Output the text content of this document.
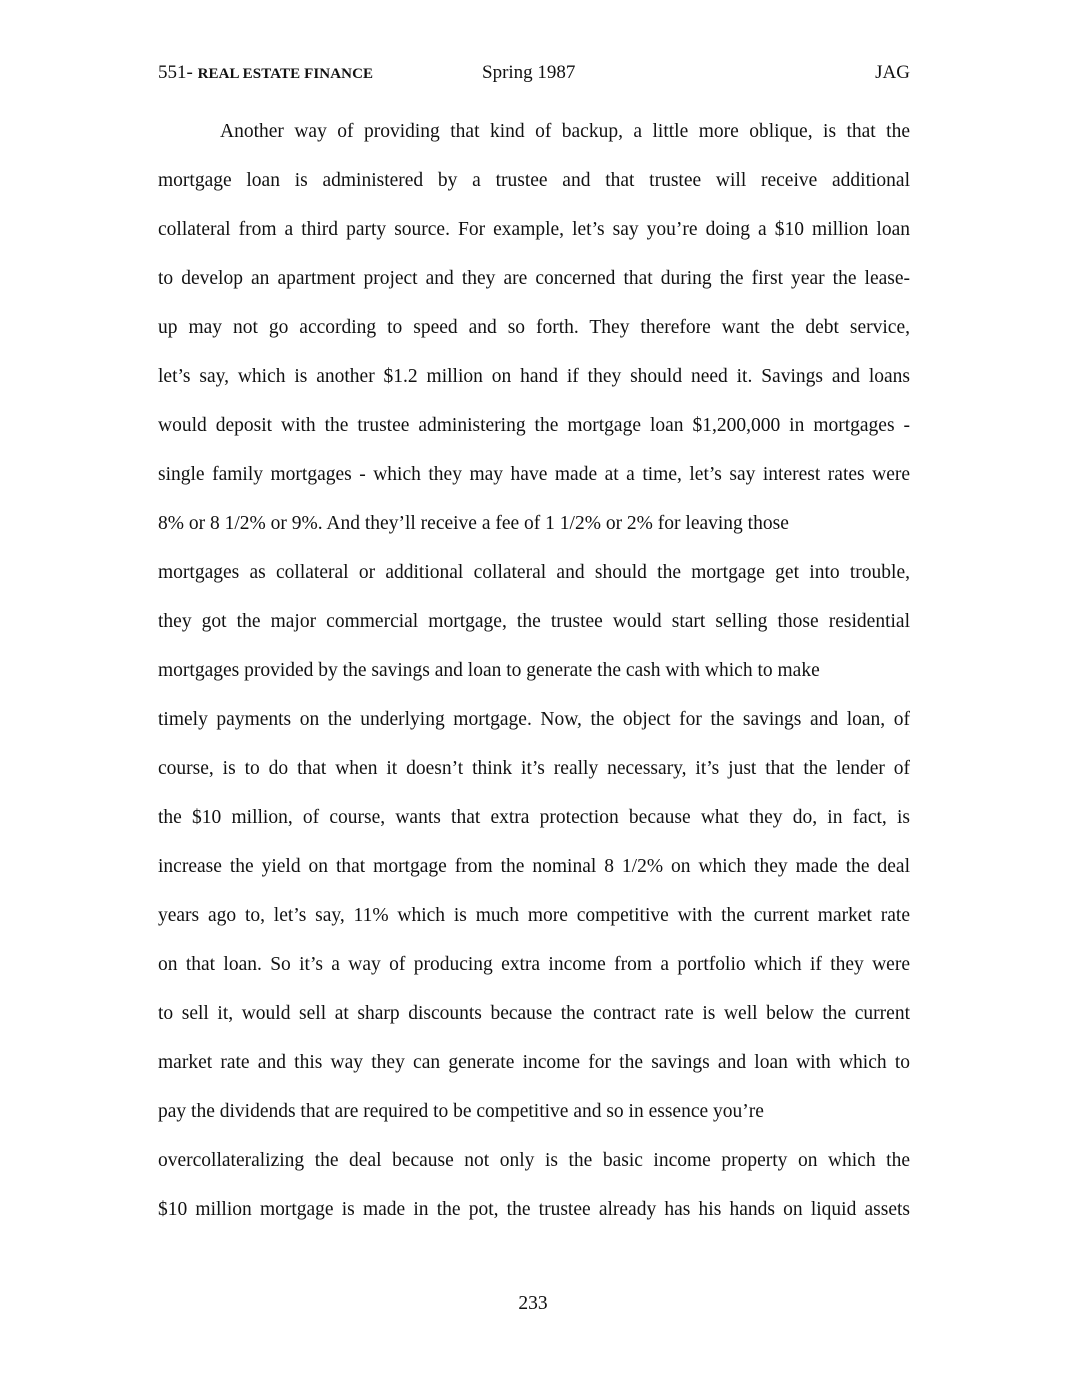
551- REAL ESTATE FINANCE	Spring 1987	JAG
Another way of providing that kind of backup, a little more oblique, is that the
mortgage loan is administered by a trustee and that trustee will receive additional
collateral from a third party source. For example, let’s say you’re doing a $10 million loan
to develop an apartment project and they are concerned that during the first year the lease-
up may not go according to speed and so forth. They therefore want the debt service,
let’s say, which is another $1.2 million on hand if they should need it. Savings and loans
would deposit with the trustee administering the mortgage loan $1,200,000 in mortgages -
single family mortgages - which they may have made at a time, let’s say interest rates were
8% or 8 1/2% or 9%. And they’ll receive a fee of 1 1/2% or 2% for leaving those
mortgages as collateral or additional collateral and should the mortgage get into trouble,
they got the major commercial mortgage, the trustee would start selling those residential
mortgages provided by the savings and loan to generate the cash with which to make
timely payments on the underlying mortgage. Now, the object for the savings and loan, of
course, is to do that when it doesn’t think it’s really necessary, it’s just that the lender of
the $10 million, of course, wants that extra protection because what they do, in fact, is
increase the yield on that mortgage from the nominal 8 1/2% on which they made the deal
years ago to, let’s say, 11% which is much more competitive with the current market rate
on that loan. So it’s a way of producing extra income from a portfolio which if they were
to sell it, would sell at sharp discounts because the contract rate is well below the current
market rate and this way they can generate income for the savings and loan with which to
pay the dividends that are required to be competitive and so in essence you’re
overcollateralizing the deal because not only is the basic income property on which the
$10 million mortgage is made in the pot, the trustee already has his hands on liquid assets
233
